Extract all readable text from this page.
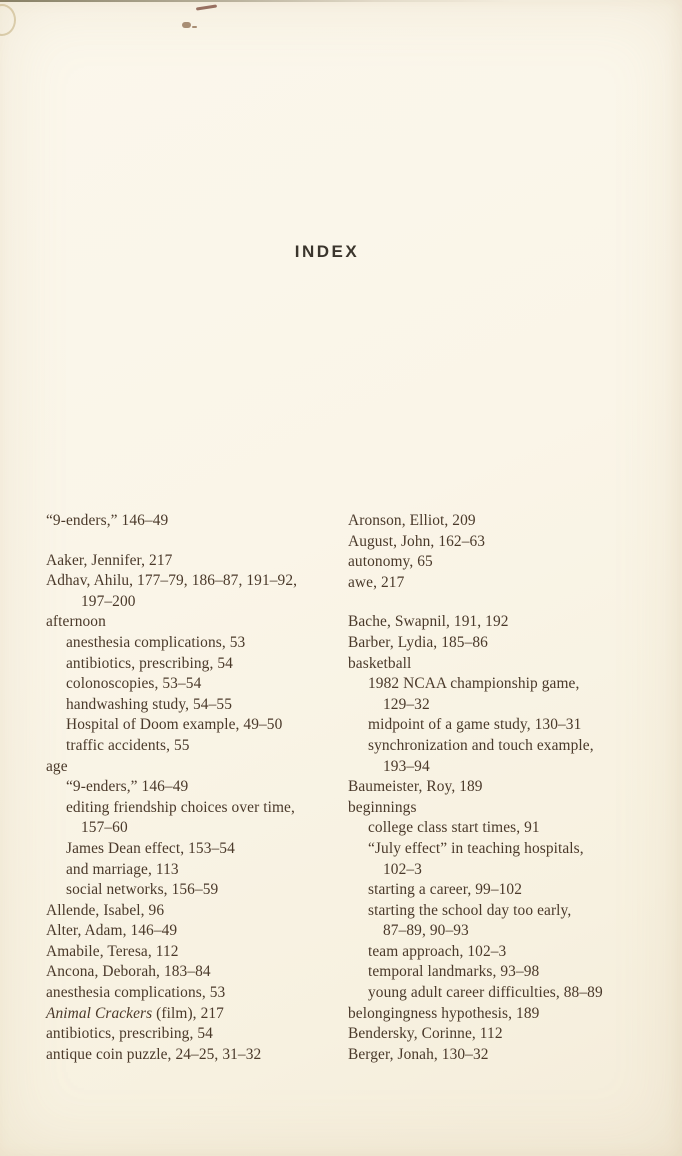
INDEX
“9-enders,” 146–49
Aaker, Jennifer, 217
Adhav, Ahilu, 177–79, 186–87, 191–92,
197–200
afternoon
anesthesia complications, 53
antibiotics, prescribing, 54
colonoscopies, 53–54
handwashing study, 54–55
Hospital of Doom example, 49–50
traffic accidents, 55
age
“9-enders,” 146–49
editing friendship choices over time,
157–60
James Dean effect, 153–54
and marriage, 113
social networks, 156–59
Allende, Isabel, 96
Alter, Adam, 146–49
Amabile, Teresa, 112
Ancona, Deborah, 183–84
anesthesia complications, 53
Animal Crackers (film), 217
antibiotics, prescribing, 54
antique coin puzzle, 24–25, 31–32
Aronson, Elliot, 209
August, John, 162–63
autonomy, 65
awe, 217
Bache, Swapnil, 191, 192
Barber, Lydia, 185–86
basketball
1982 NCAA championship game,
129–32
midpoint of a game study, 130–31
synchronization and touch example,
193–94
Baumeister, Roy, 189
beginnings
college class start times, 91
“July effect” in teaching hospitals,
102–3
starting a career, 99–102
starting the school day too early,
87–89, 90–93
team approach, 102–3
temporal landmarks, 93–98
young adult career difficulties, 88–89
belongingness hypothesis, 189
Bendersky, Corinne, 112
Berger, Jonah, 130–32
